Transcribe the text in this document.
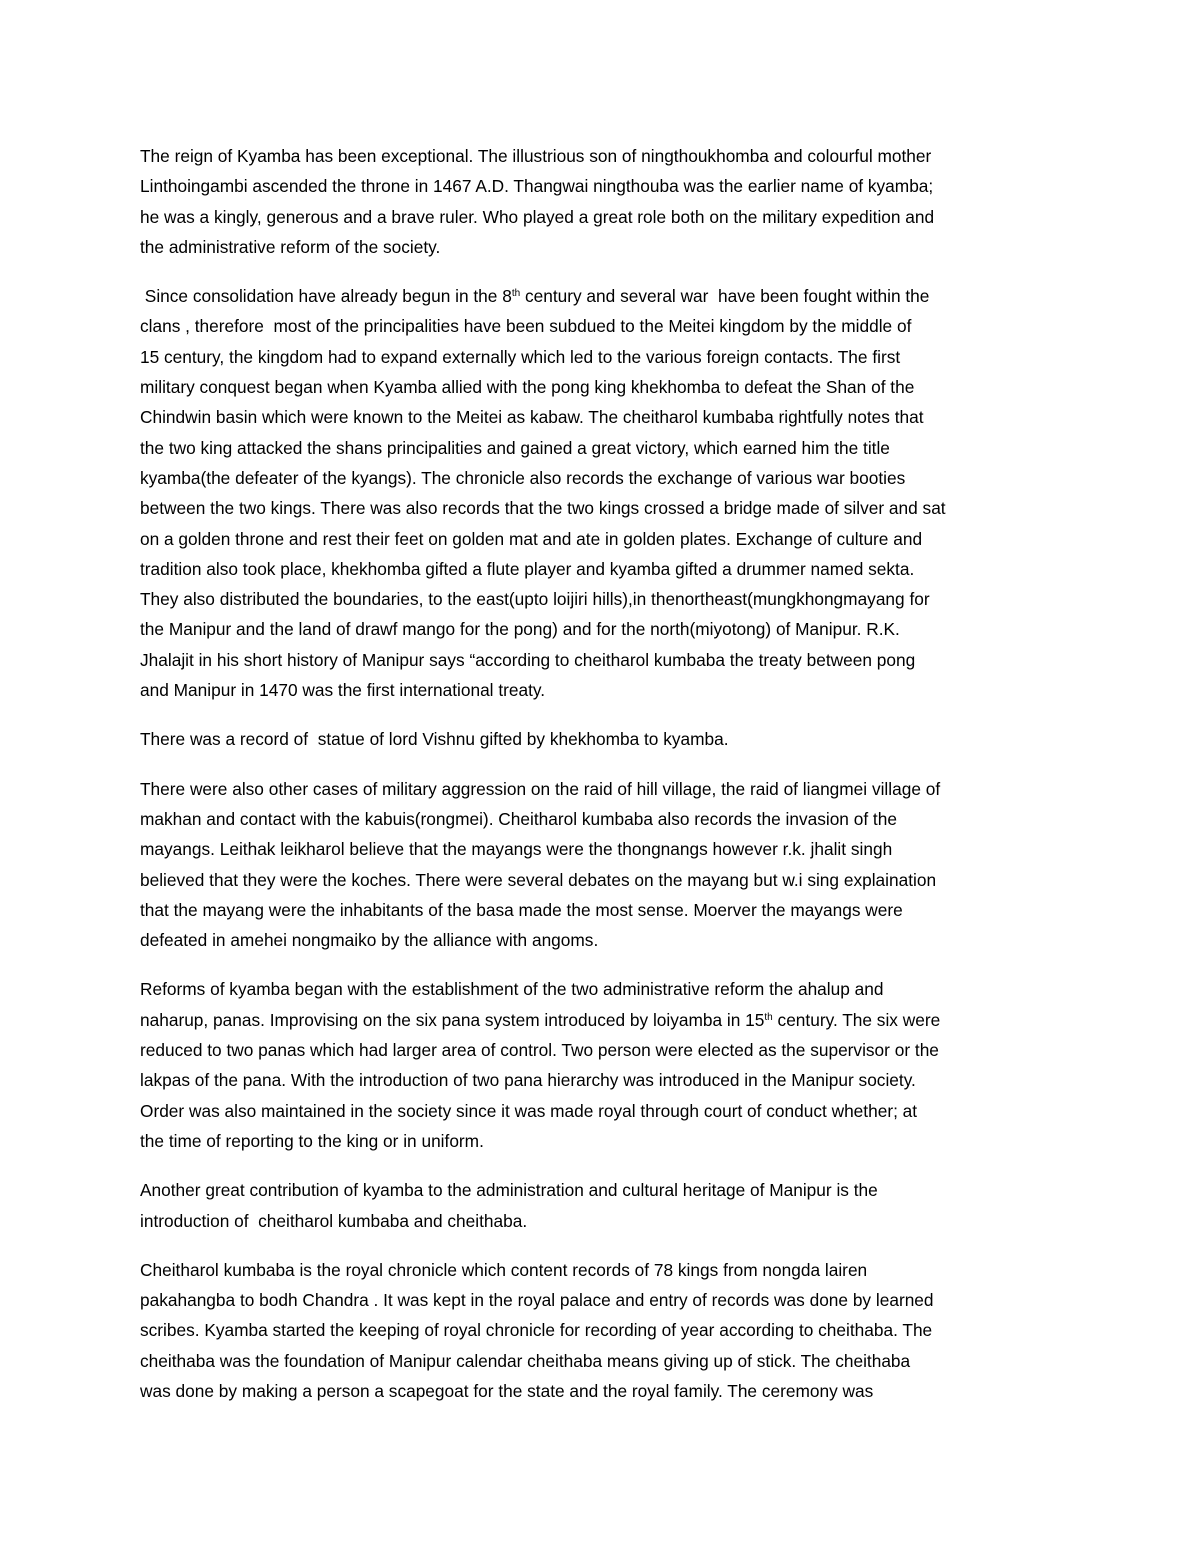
The reign of Kyamba has been exceptional. The illustrious son of ningthoukhomba and colourful mother
Linthoingambi ascended the throne in 1467 A.D. Thangwai ningthouba was the earlier name of kyamba;
he was a kingly, generous and a brave ruler. Who played a great role both on the military expedition and
the administrative reform of the society.
Since consolidation have already begun in the 8th century and several war  have been fought within the
clans , therefore  most of the principalities have been subdued to the Meitei kingdom by the middle of
15 century, the kingdom had to expand externally which led to the various foreign contacts. The first
military conquest began when Kyamba allied with the pong king khekhomba to defeat the Shan of the
Chindwin basin which were known to the Meitei as kabaw. The cheitharol kumbaba rightfully notes that
the two king attacked the shans principalities and gained a great victory, which earned him the title
kyamba(the defeater of the kyangs). The chronicle also records the exchange of various war booties
between the two kings. There was also records that the two kings crossed a bridge made of silver and sat
on a golden throne and rest their feet on golden mat and ate in golden plates. Exchange of culture and
tradition also took place, khekhomba gifted a flute player and kyamba gifted a drummer named sekta.
They also distributed the boundaries, to the east(upto loijiri hills),in thenortheast(mungkhongmayang for
the Manipur and the land of drawf mango for the pong) and for the north(miyotong) of Manipur. R.K.
Jhalajit in his short history of Manipur says “according to cheitharol kumbaba the treaty between pong
and Manipur in 1470 was the first international treaty.
There was a record of  statue of lord Vishnu gifted by khekhomba to kyamba.
There were also other cases of military aggression on the raid of hill village, the raid of liangmei village of
makhan and contact with the kabuis(rongmei). Cheitharol kumbaba also records the invasion of the
mayangs. Leithak leikharol believe that the mayangs were the thongnangs however r.k. jhalit singh
believed that they were the koches. There were several debates on the mayang but w.i sing explaination
that the mayang were the inhabitants of the basa made the most sense. Moerver the mayangs were
defeated in amehei nongmaiko by the alliance with angoms.
Reforms of kyamba began with the establishment of the two administrative reform the ahalup and
naharup, panas. Improvising on the six pana system introduced by loiyamba in 15th century. The six were
reduced to two panas which had larger area of control. Two person were elected as the supervisor or the
lakpas of the pana. With the introduction of two pana hierarchy was introduced in the Manipur society.
Order was also maintained in the society since it was made royal through court of conduct whether; at
the time of reporting to the king or in uniform.
Another great contribution of kyamba to the administration and cultural heritage of Manipur is the
introduction of  cheitharol kumbaba and cheithaba.
Cheitharol kumbaba is the royal chronicle which content records of 78 kings from nongda lairen
pakahangba to bodh Chandra . It was kept in the royal palace and entry of records was done by learned
scribes. Kyamba started the keeping of royal chronicle for recording of year according to cheithaba. The
cheithaba was the foundation of Manipur calendar cheithaba means giving up of stick. The cheithaba
was done by making a person a scapegoat for the state and the royal family. The ceremony was
